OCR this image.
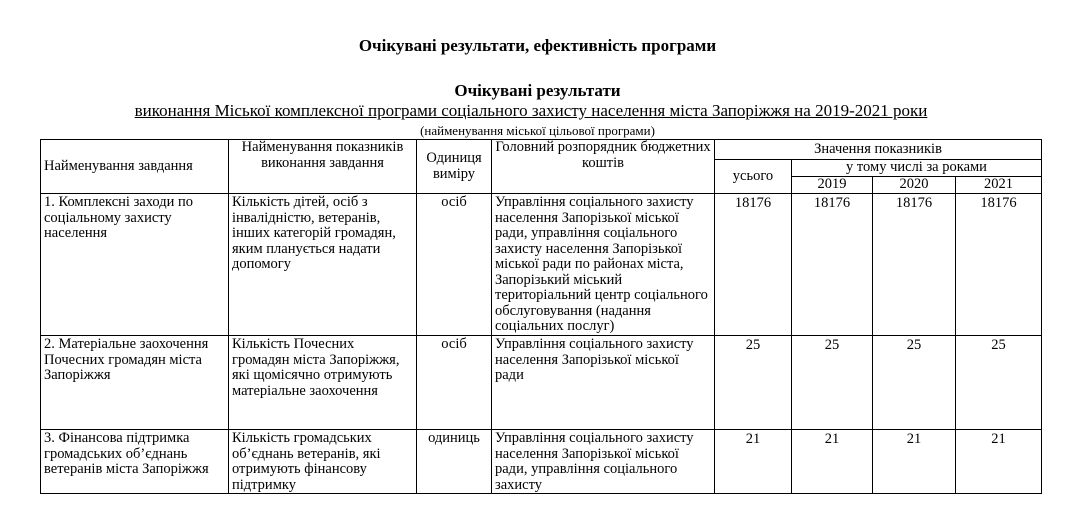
Очікувані результати, ефективність програми
Очікувані результати
виконання Міської комплексної програми соціального захисту населення міста Запоріжжя на 2019-2021 роки
(найменування міської цільової програми)
Найменування завдання	Найменування показників виконання завдання	Одиниця виміру	Головний розпорядник бюджетних коштів	Значення показників			
				усього	у тому числі за роками		
					2019	2020	2021
1. Комплексні заходи по соціальному захисту населення	Кількість дітей, осіб з інвалідністю, ветеранів, інших категорій громадян, яким планується надати допомогу	осіб	Управління соціального захисту населення Запорізької міської ради, управління соціального захисту населення Запорізької міської ради по районах міста, Запорізький міський територіальний центр соціального обслуговування (надання соціальних послуг)	18176	18176	18176	18176
2. Матеріальне заохочення Почесних громадян міста Запоріжжя	Кількість Почесних громадян міста Запоріжжя, які щомісячно отримують матеріальне заохочення	осіб	Управління соціального захисту населення Запорізької міської ради	25	25	25	25
3. Фінансова підтримка громадських об’єднань ветеранів міста Запоріжжя	Кількість громадських об’єднань ветеранів, які отримують фінансову підтримку	одиниць	Управління соціального захисту населення Запорізької міської ради, управління соціального захисту	21	21	21	21
